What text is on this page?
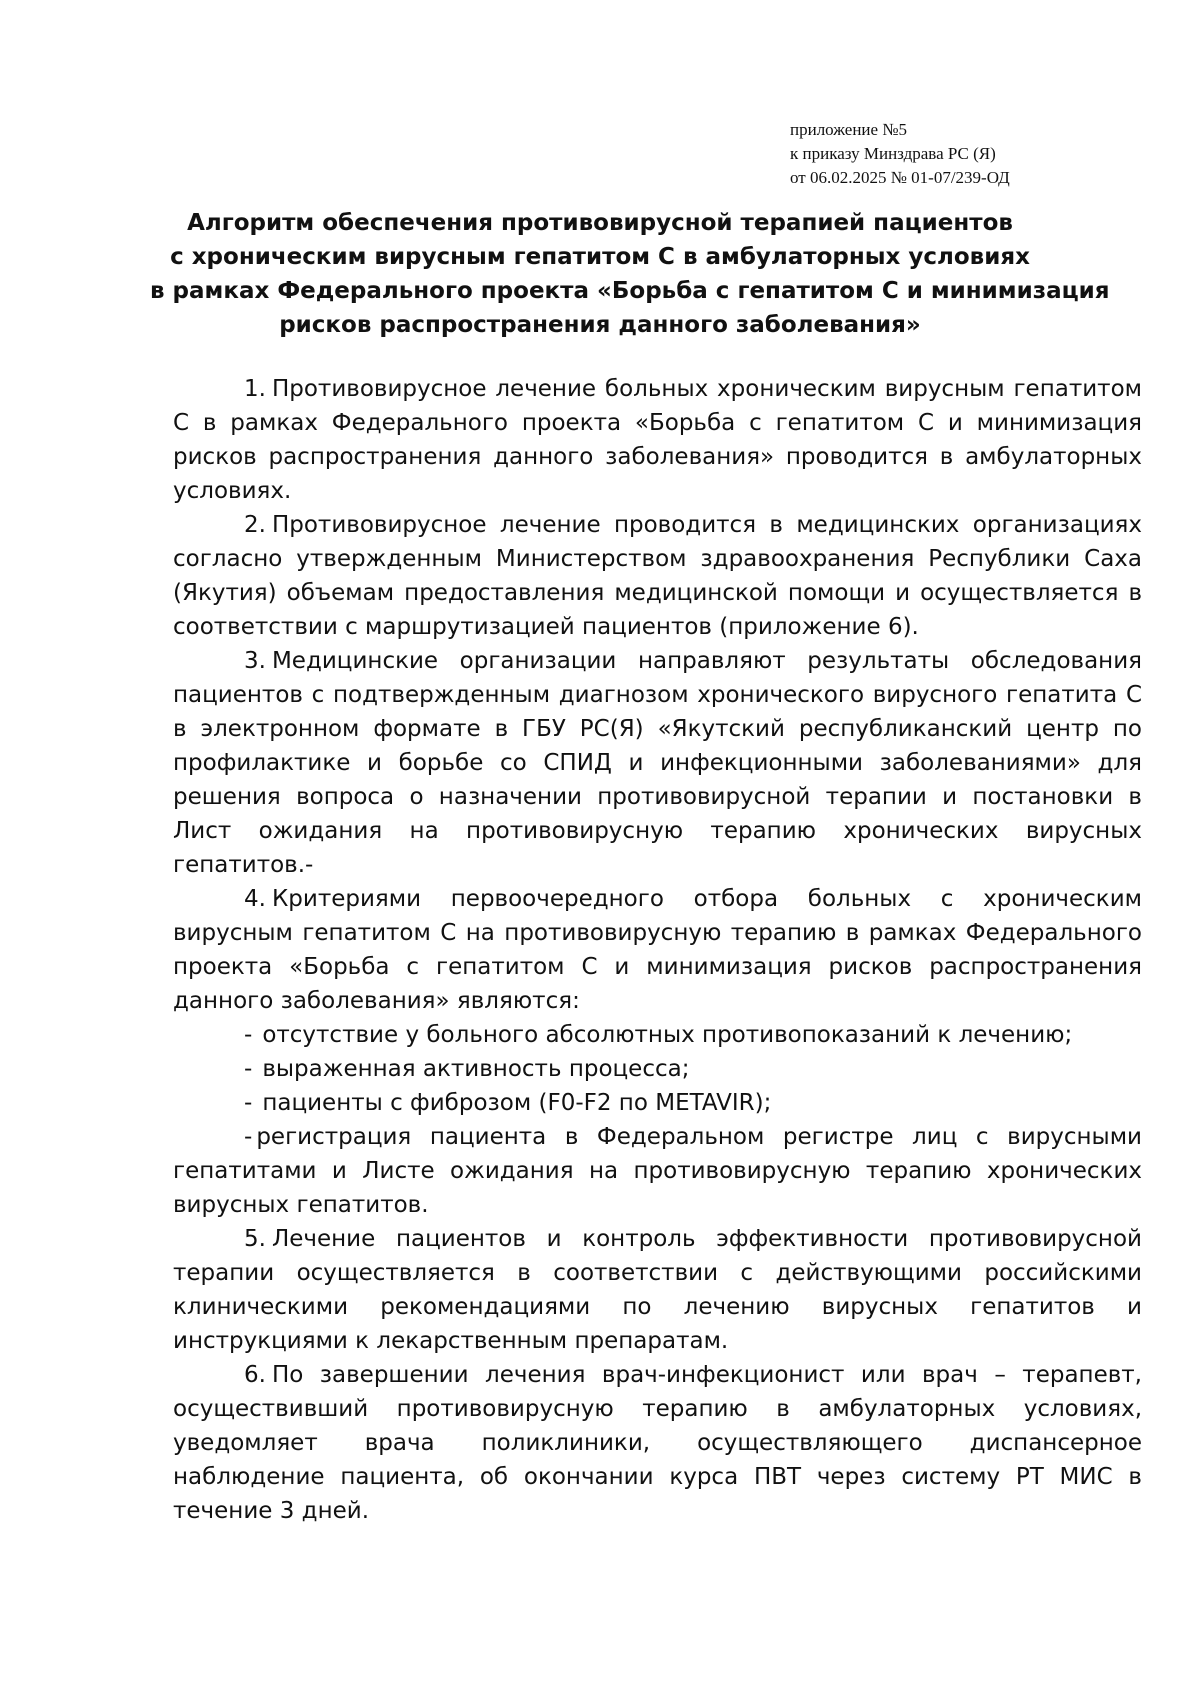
приложение №5
к приказу Минздрава РС (Я)
от 06.02.2025 № 01-07/239-ОД
Алгоритм обеспечения противовирусной терапией пациентов
с хроническим вирусным гепатитом С в амбулаторных условиях
в рамках Федерального проекта «Борьба с гепатитом С и минимизация
рисков распространения данного заболевания»

1. Противовирусное лечение больных хроническим вирусным гепатитом С в рамках Федерального проекта «Борьба с гепатитом С и минимизация рисков распространения данного заболевания» проводится в амбулаторных условиях.

2. Противовирусное лечение проводится в медицинских организациях согласно утвержденным Министерством здравоохранения Республики Саха (Якутия) объемам предоставления медицинской помощи и осуществляется в соответствии с маршрутизацией пациентов (приложение 6).

3. Медицинские организации направляют результаты обследования пациентов с подтвержденным диагнозом хронического вирусного гепатита С в электронном формате в ГБУ РС(Я) «Якутский республиканский центр по профилактике и борьбе со СПИД и инфекционными заболеваниями» для решения вопроса о назначении противовирусной терапии и постановки в Лист ожидания на противовирусную терапию хронических вирусных гепатитов.-

4. Критериями первоочередного отбора больных с хроническим вирусным гепатитом С на противовирусную терапию в рамках Федерального проекта «Борьба с гепатитом С и минимизация рисков распространения данного заболевания» являются:

- отсутствие у больного абсолютных противопоказаний к лечению;

- выраженная активность процесса;

- пациенты с фиброзом (F0-F2 по METAVIR);

- регистрация пациента в Федеральном регистре лиц с вирусными гепатитами и Листе ожидания на противовирусную терапию хронических вирусных гепатитов.

5. Лечение пациентов и контроль эффективности противовирусной терапии осуществляется в соответствии с действующими российскими клиническими рекомендациями по лечению вирусных гепатитов и инструкциями к лекарственным препаратам.

6. По завершении лечения врач-инфекционист или врач – терапевт, осуществивший противовирусную терапию в амбулаторных условиях, уведомляет врача поликлиники, осуществляющего диспансерное наблюдение пациента, об окончании курса ПВТ через систему РТ МИС в течение 3 дней.
